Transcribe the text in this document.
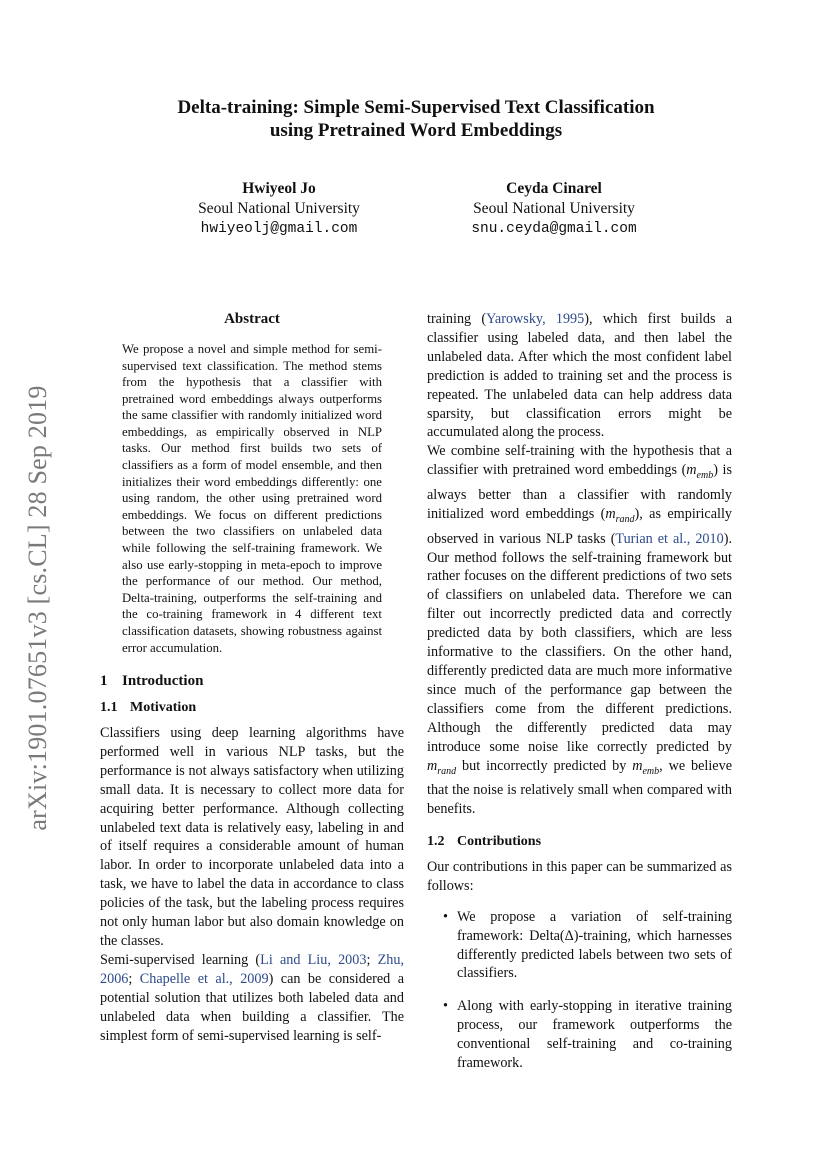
arXiv:1901.07651v3 [cs.CL] 28 Sep 2019
Delta-training: Simple Semi-Supervised Text Classification
using Pretrained Word Embeddings
Hwiyeol Jo
Seoul National University
hwiyeolj@gmail.com
Ceyda Cinarel
Seoul National University
snu.ceyda@gmail.com
Abstract

We propose a novel and simple method for semi-supervised text classification. The method stems from the hypothesis that a classifier with pretrained word embeddings always outperforms the same classifier with randomly initialized word embeddings, as empirically observed in NLP tasks. Our method first builds two sets of classifiers as a form of model ensemble, and then initializes their word embeddings differently: one using random, the other using pretrained word embeddings. We focus on different predictions between the two classifiers on unlabeled data while following the self-training framework. We also use early-stopping in meta-epoch to improve the performance of our method. Our method, Delta-training, outperforms the self-training and the co-training framework in 4 different text classification datasets, showing robustness against error accumulation.

1 Introduction
1.1 Motivation

Classifiers using deep learning algorithms have performed well in various NLP tasks, but the performance is not always satisfactory when utilizing small data. It is necessary to collect more data for acquiring better performance. Although collecting unlabeled text data is relatively easy, labeling in and of itself requires a considerable amount of human labor. In order to incorporate unlabeled data into a task, we have to label the data in accordance to class policies of the task, but the labeling process requires not only human labor but also domain knowledge on the classes.

Semi-supervised learning (Li and Liu, 2003; Zhu, 2006; Chapelle et al., 2009) can be considered a potential solution that utilizes both labeled data and unlabeled data when building a classifier. The simplest form of semi-supervised learning is self-

training (Yarowsky, 1995), which first builds a classifier using labeled data, and then label the unlabeled data. After which the most confident label prediction is added to training set and the process is repeated. The unlabeled data can help address data sparsity, but classification errors might be accumulated along the process.

We combine self-training with the hypothesis that a classifier with pretrained word embeddings $(m_{emb})$ is always better than a classifier with randomly initialized word embeddings $(m_{rand})$, as empirically observed in various NLP tasks (Turian et al., 2010). Our method follows the self-training framework but rather focuses on the different predictions of two sets of classifiers on unlabeled data. Therefore we can filter out incorrectly predicted data and correctly predicted data by both classifiers, which are less informative to the classifiers. On the other hand, differently predicted data are much more informative since much of the performance gap between the classifiers come from the different predictions. Although the differently predicted data may introduce some noise like correctly predicted by $m_{rand}$ but incorrectly predicted by $m_{emb}$, we believe that the noise is relatively small when compared with benefits.

1.2 Contributions

Our contributions in this paper can be summarized as follows:

• We propose a variation of self-training framework: Delta(Δ)-training, which harnesses differently predicted labels between two sets of classifiers.
• Along with early-stopping in iterative training process, our framework outperforms the conventional self-training and co-training framework.
